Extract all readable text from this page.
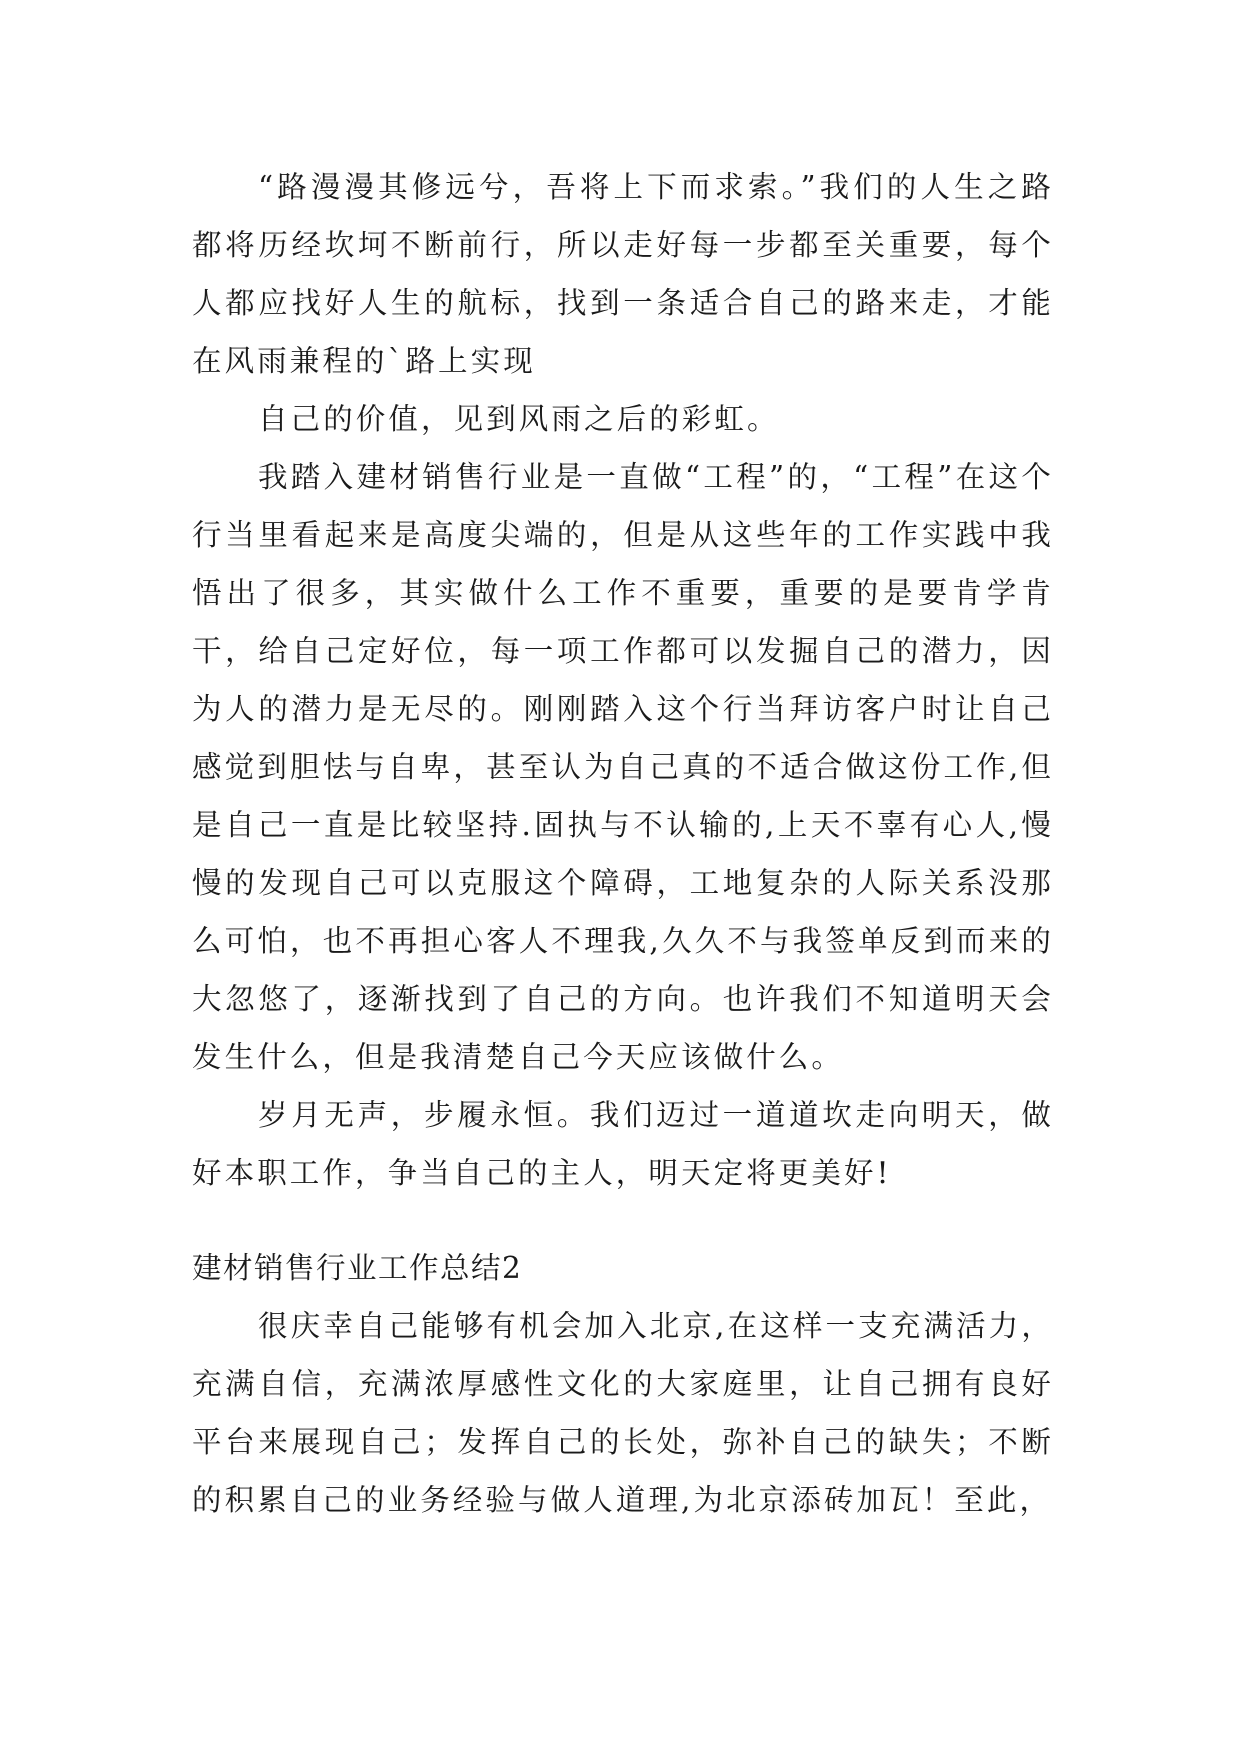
“路漫漫其修远兮，吾将上下而求索。”我们的人生之路都将历经坎坷不断前行，所以走好每一步都至关重要，每个人都应找好人生的航标，找到一条适合自己的路来走，才能在风雨兼程的`路上实现

自己的价值，见到风雨之后的彩虹。

我踏入建材销售行业是一直做“工程”的，“工程”在这个行当里看起来是高度尖端的，但是从这些年的工作实践中我悟出了很多，其实做什么工作不重要，重要的是要肯学肯干，给自己定好位，每一项工作都可以发掘自己的潜力，因为人的潜力是无尽的。刚刚踏入这个行当拜访客户时让自己感觉到胆怯与自卑，甚至认为自己真的不适合做这份工作,但是自己一直是比较坚持.固执与不认输的,上天不辜有心人,慢慢的发现自己可以克服这个障碍，工地复杂的人际关系没那么可怕，也不再担心客人不理我,久久不与我签单反到而来的大忽悠了，逐渐找到了自己的方向。也许我们不知道明天会发生什么，但是我清楚自己今天应该做什么。

岁月无声，步履永恒。我们迈过一道道坎走向明天，做好本职工作，争当自己的主人，明天定将更美好!

建材销售行业工作总结2

很庆幸自己能够有机会加入北京,在这样一支充满活力，充满自信，充满浓厚感性文化的大家庭里，让自己拥有良好平台来展现自己；发挥自己的长处，弥补自己的缺失；不断的积累自己的业务经验与做人道理,为北京添砖加瓦！至此，
